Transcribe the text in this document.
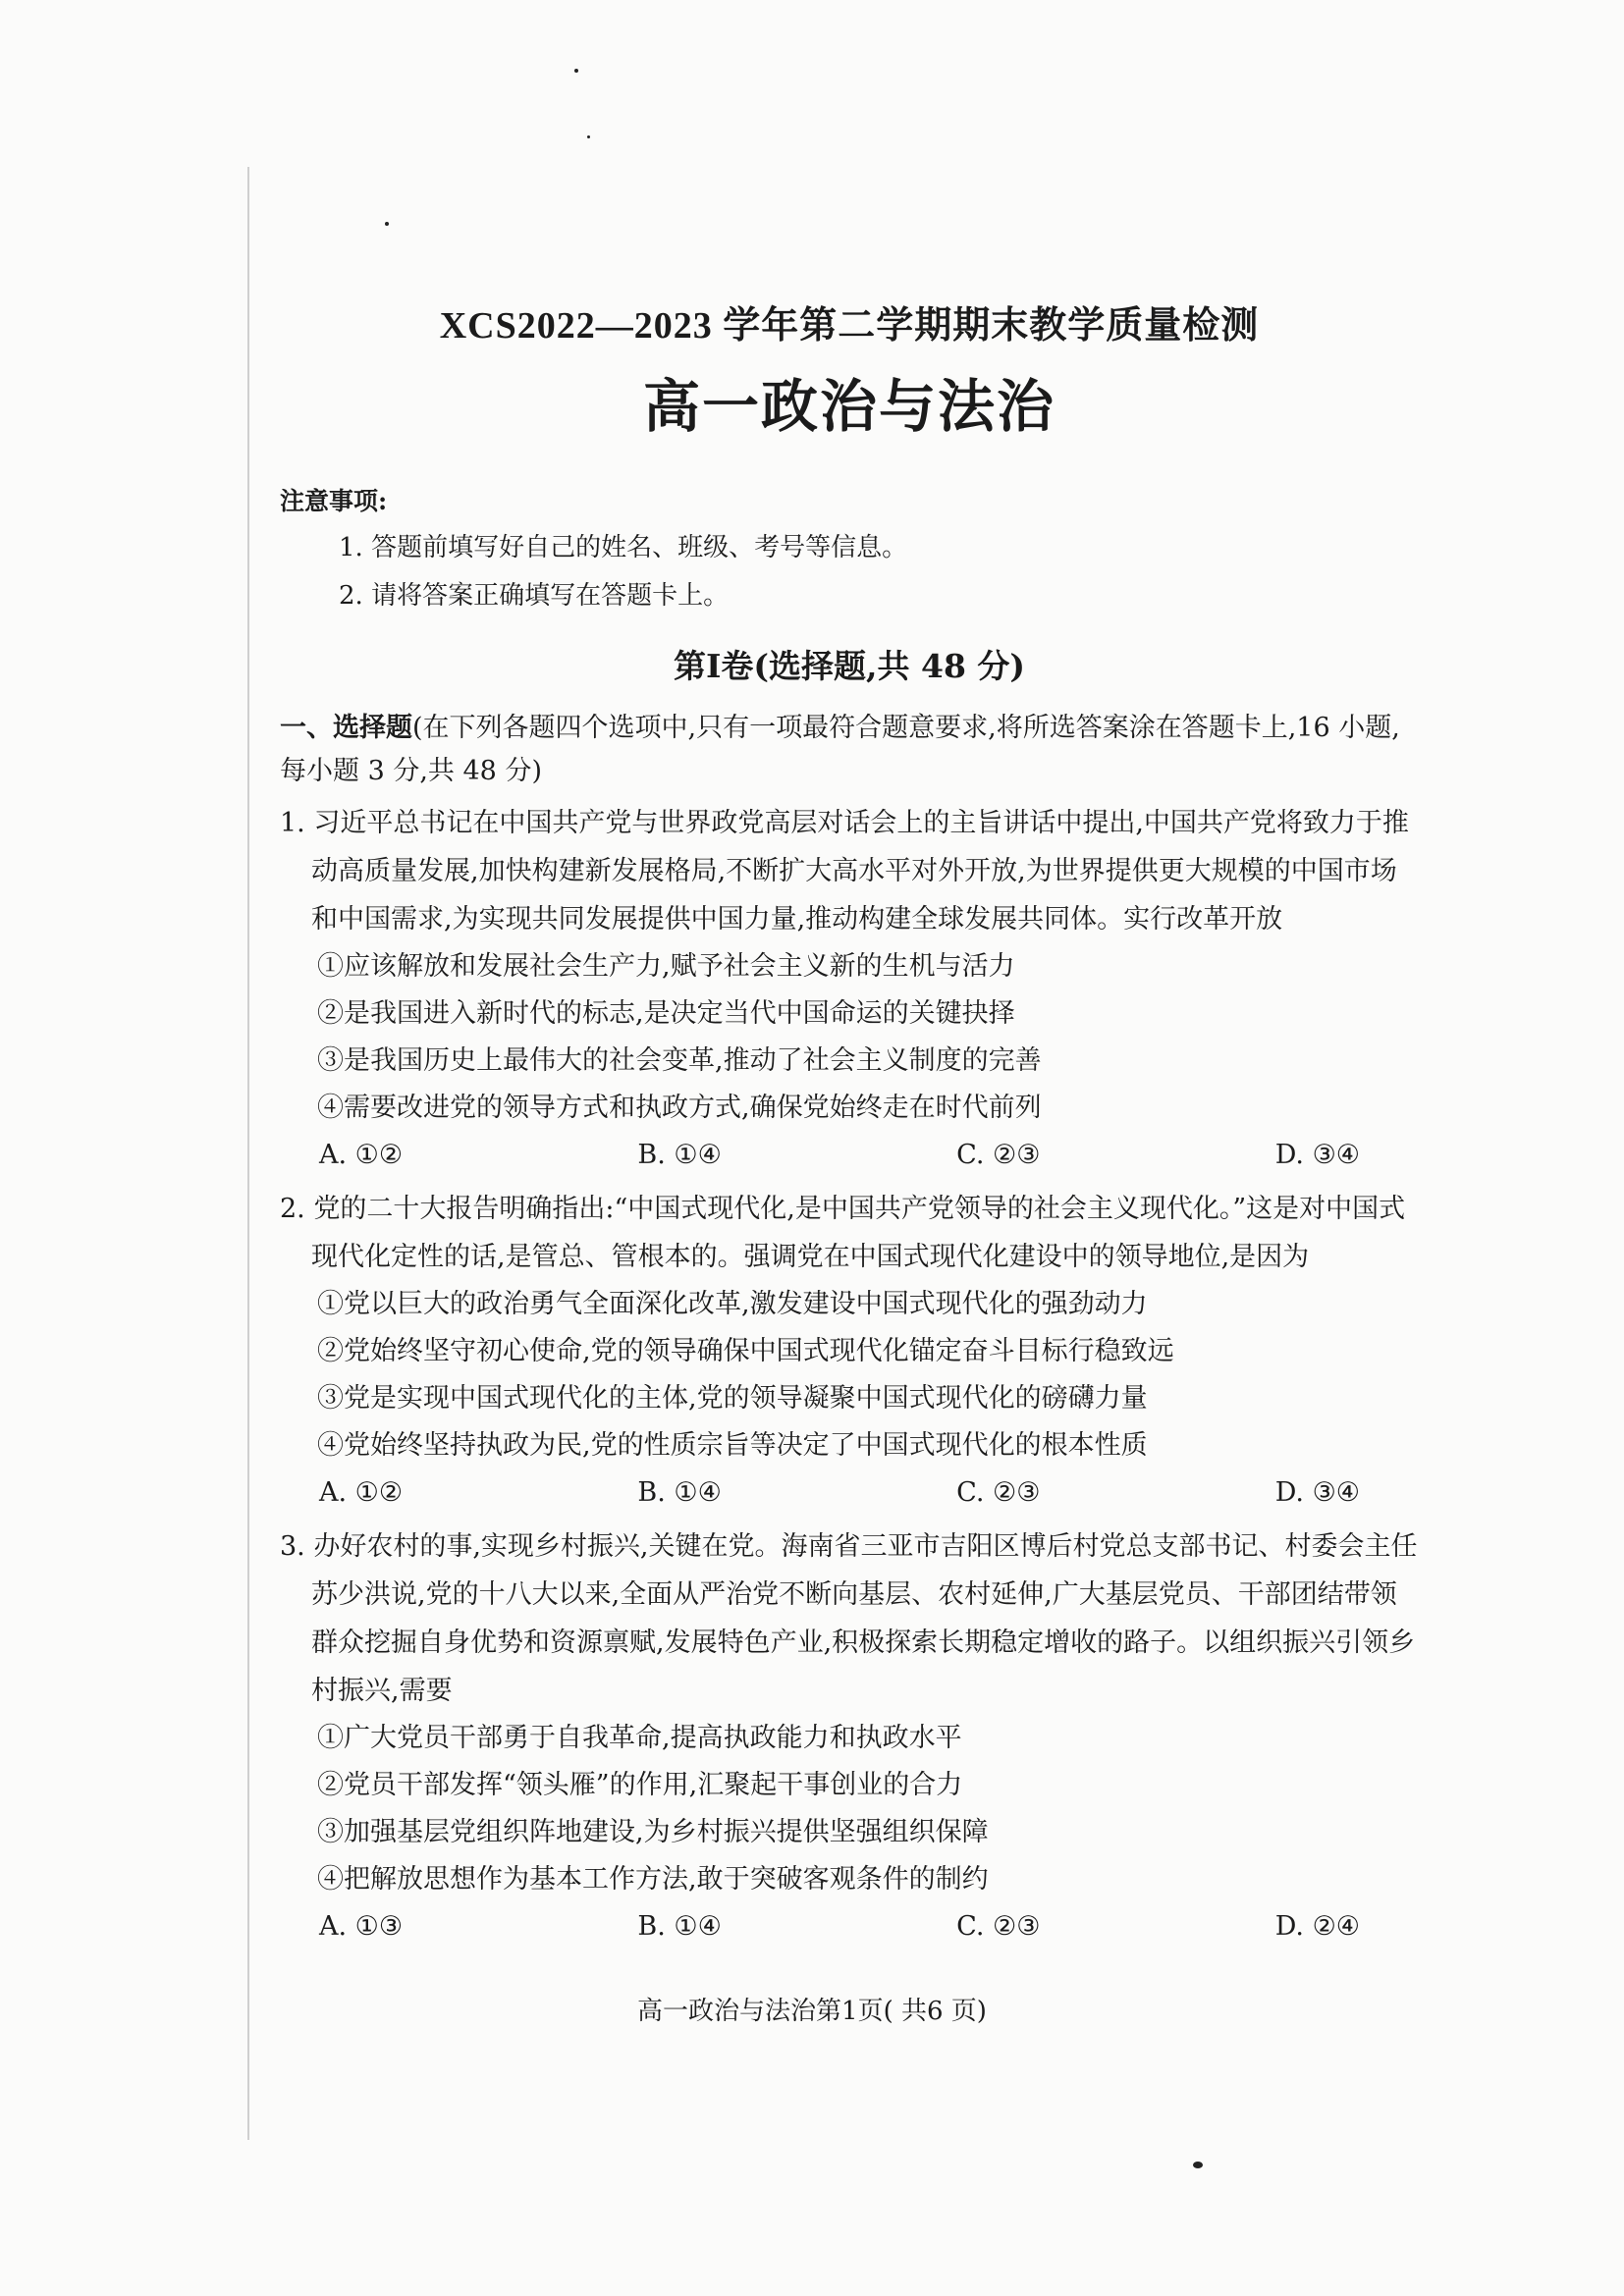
XCS2022—2023 学年第二学期期末教学质量检测
高一政治与法治
注意事项:
1. 答题前填写好自己的姓名、班级、考号等信息。
2. 请将答案正确填写在答题卡上。
第Ⅰ卷(选择题,共 48 分)
一、选择题(在下列各题四个选项中,只有一项最符合题意要求,将所选答案涂在答题卡上,16 小题,每小题 3 分,共 48 分)

1. 习近平总书记在中国共产党与世界政党高层对话会上的主旨讲话中提出,中国共产党将致力于推动高质量发展,加快构建新发展格局,不断扩大高水平对外开放,为世界提供更大规模的中国市场和中国需求,为实现共同发展提供中国力量,推动构建全球发展共同体。实行改革开放

①应该解放和发展社会生产力,赋予社会主义新的生机与活力
②是我国进入新时代的标志,是决定当代中国命运的关键抉择
③是我国历史上最伟大的社会变革,推动了社会主义制度的完善
④需要改进党的领导方式和执政方式,确保党始终走在时代前列
A. ①②	B. ①④	C. ②③	D. ③④

2. 党的二十大报告明确指出:“中国式现代化,是中国共产党领导的社会主义现代化。”这是对中国式现代化定性的话,是管总、管根本的。强调党在中国式现代化建设中的领导地位,是因为

①党以巨大的政治勇气全面深化改革,激发建设中国式现代化的强劲动力
②党始终坚守初心使命,党的领导确保中国式现代化锚定奋斗目标行稳致远
③党是实现中国式现代化的主体,党的领导凝聚中国式现代化的磅礴力量
④党始终坚持执政为民,党的性质宗旨等决定了中国式现代化的根本性质
A. ①②	B. ①④	C. ②③	D. ③④

3. 办好农村的事,实现乡村振兴,关键在党。海南省三亚市吉阳区博后村党总支部书记、村委会主任苏少洪说,党的十八大以来,全面从严治党不断向基层、农村延伸,广大基层党员、干部团结带领群众挖掘自身优势和资源禀赋,发展特色产业,积极探索长期稳定增收的路子。以组织振兴引领乡村振兴,需要

①广大党员干部勇于自我革命,提高执政能力和执政水平
②党员干部发挥“领头雁”的作用,汇聚起干事创业的合力
③加强基层党组织阵地建设,为乡村振兴提供坚强组织保障
④把解放思想作为基本工作方法,敢于突破客观条件的制约
A. ①③	B. ①④	C. ②③	D. ②④
高一政治与法治第1页( 共6 页)
